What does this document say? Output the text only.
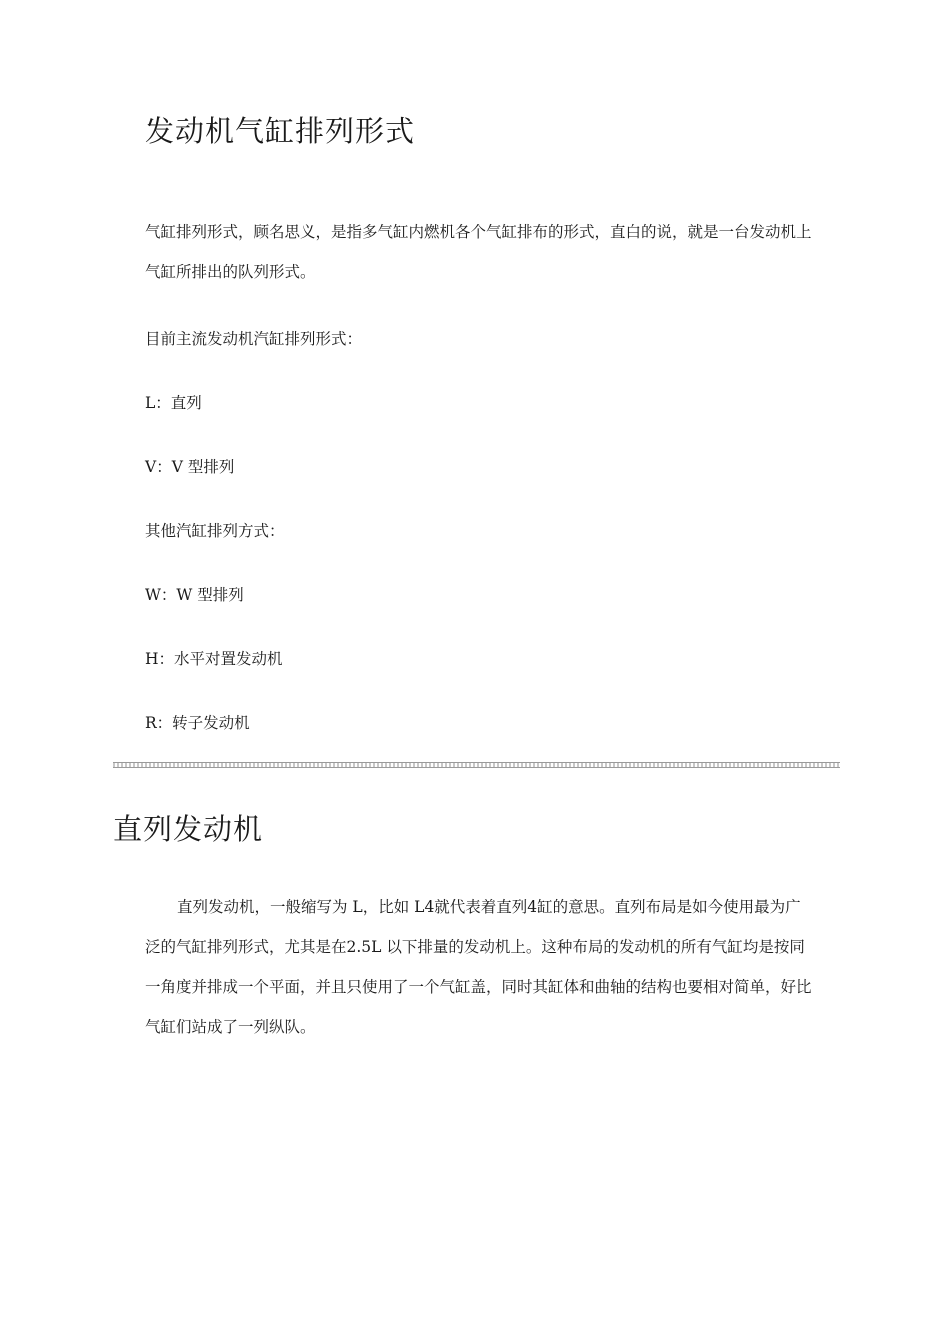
发动机气缸排列形式

气缸排列形式，顾名思义，是指多气缸内燃机各个气缸排布的形式，直白的说，就是一台发动机上气缸所排出的队列形式。

目前主流发动机汽缸排列形式：

L：直列

V：V 型排列

其他汽缸排列方式：

W：W 型排列

H：水平对置发动机

R：转子发动机

直列发动机

直列发动机，一般缩写为 L，比如 L4就代表着直列4缸的意思。直列布局是如今使用最为广泛的气缸排列形式，尤其是在2.5L 以下排量的发动机上。这种布局的发动机的所有气缸均是按同一角度并排成一个平面，并且只使用了一个气缸盖，同时其缸体和曲轴的结构也要相对简单，好比气缸们站成了一列纵队。
